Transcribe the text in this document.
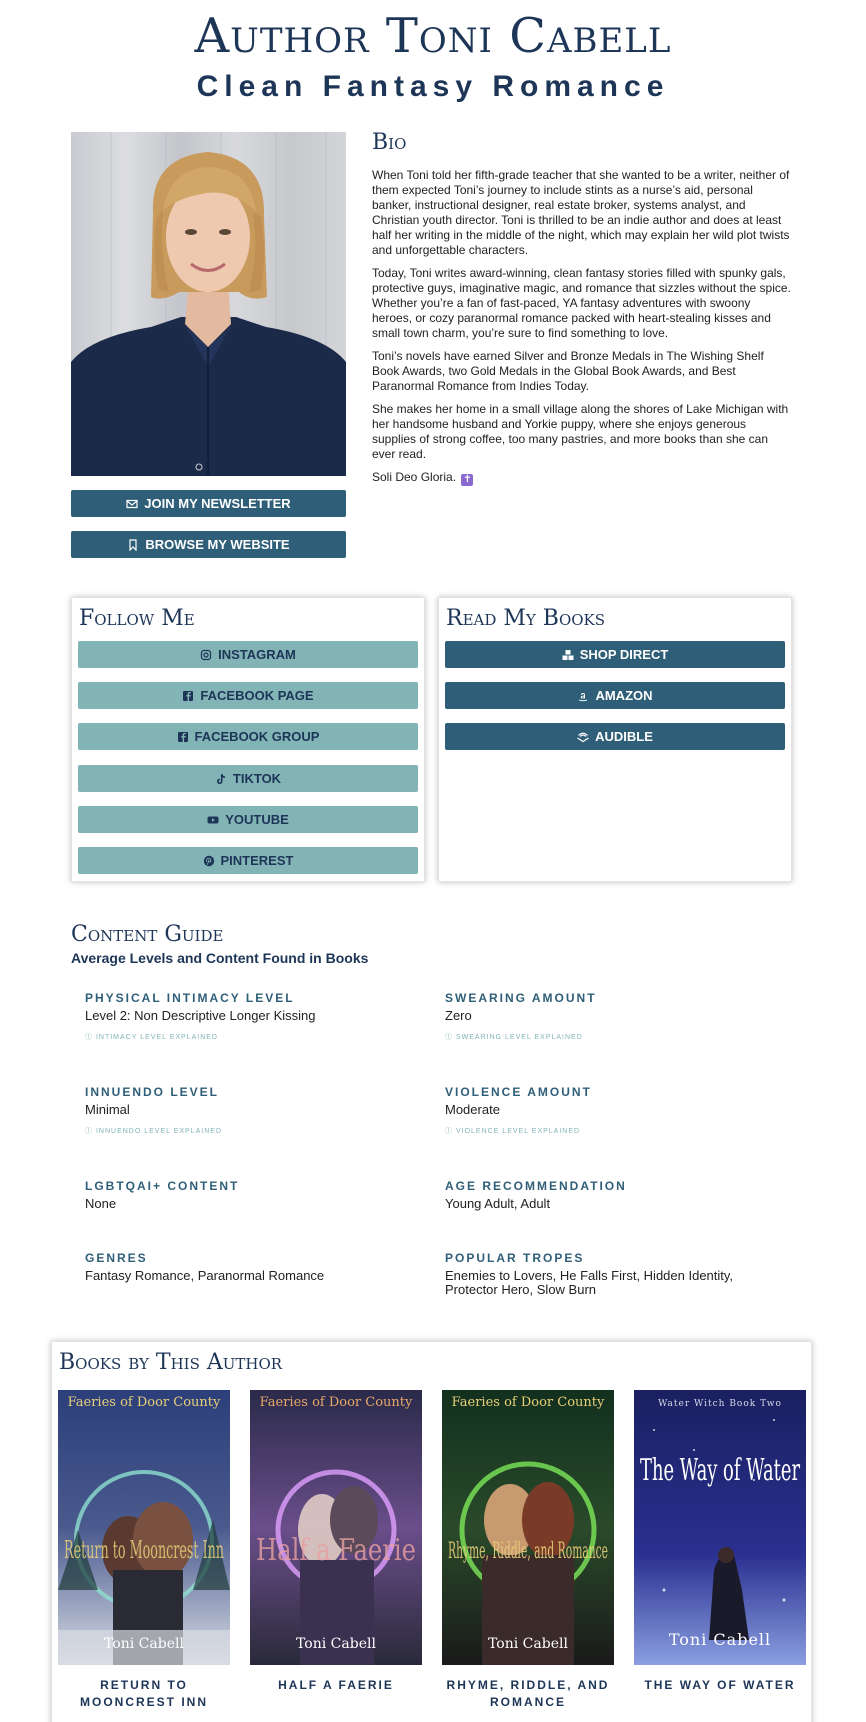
Author Toni Cabell
Clean Fantasy Romance
JOIN MY NEWSLETTER
BROWSE MY WEBSITE
Bio

When Toni told her fifth-grade teacher that she wanted to be a writer, neither of them expected Toni’s journey to include stints as a nurse’s aid, personal banker, instructional designer, real estate broker, systems analyst, and Christian youth director. Toni is thrilled to be an indie author and does at least half her writing in the middle of the night, which may explain her wild plot twists and unforgettable characters.

Today, Toni writes award-winning, clean fantasy stories filled with spunky gals, protective guys, imaginative magic, and romance that sizzles without the spice. Whether you’re a fan of fast-paced, YA fantasy adventures with swoony heroes, or cozy paranormal romance packed with heart-stealing kisses and small town charm, you’re sure to find something to love.

Toni’s novels have earned Silver and Bronze Medals in The Wishing Shelf Book Awards, two Gold Medals in the Global Book Awards, and Best Paranormal Romance from Indies Today.

She makes her home in a small village along the shores of Lake Michigan with her handsome husband and Yorkie puppy, where she enjoys generous supplies of strong coffee, too many pastries, and more books than she can ever read.

Soli Deo Gloria. ✝

Follow Me
INSTAGRAM
FACEBOOK PAGE
FACEBOOK GROUP
TIKTOK
YOUTUBE
PINTEREST
Read My Books
SHOP DIRECT
AMAZON
AUDIBLE
Content Guide
Average Levels and Content Found in Books
PHYSICAL INTIMACY LEVEL
Level 2: Non Descriptive Longer Kissing
Ⓘ INTIMACY LEVEL EXPLAINED
SWEARING AMOUNT
Zero
Ⓘ SWEARING LEVEL EXPLAINED
INNUENDO LEVEL
Minimal
Ⓘ INNUENDO LEVEL EXPLAINED
VIOLENCE AMOUNT
Moderate
Ⓘ VIOLENCE LEVEL EXPLAINED
LGBTQAI+ CONTENT
None
AGE RECOMMENDATION
Young Adult, Adult
GENRES
Fantasy Romance, Paranormal Romance
POPULAR TROPES
Enemies to Lovers, He Falls First, Hidden Identity, Protector Hero, Slow Burn
Books by This Author
Faeries of Door County
Return to Mooncrest Inn
Toni Cabell
Faeries of Door County
Half a Faerie
Toni Cabell
Faeries of Door County
Rhyme, Riddle, and Romance
Toni Cabell
Water Witch Book Two
The Way of Water
Toni Cabell
RETURN TO MOONCREST INN
HALF A FAERIE	RHYME, RIDDLE, AND ROMANCE
THE WAY OF WATER
